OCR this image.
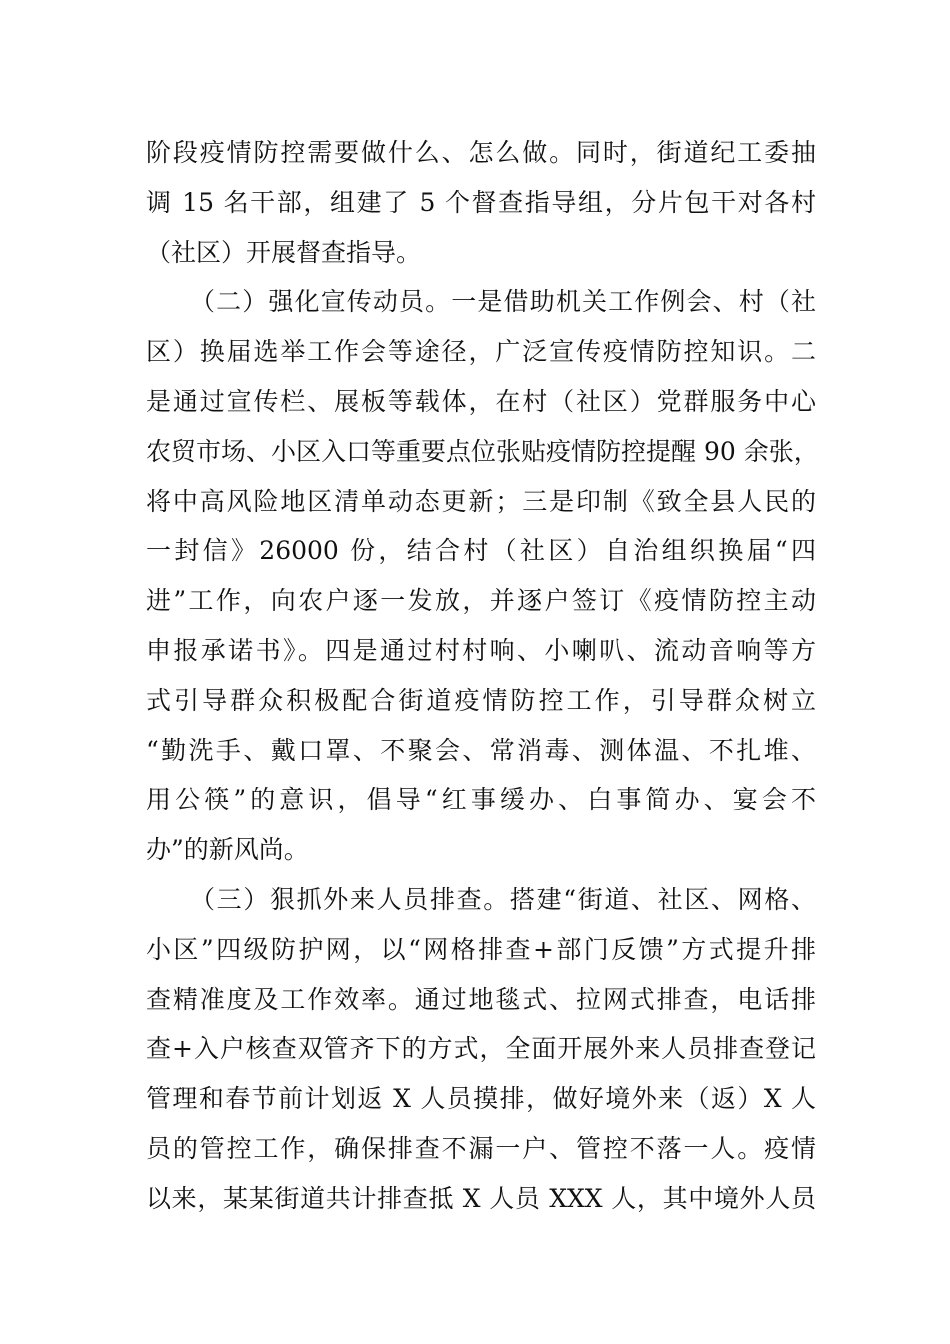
阶段疫情防控需要做什么、怎么做。同时，街道纪工委抽
调 15 名干部，组建了 5 个督查指导组，分片包干对各村
（社区）开展督查指导。
（二）强化宣传动员。一是借助机关工作例会、村（社
区）换届选举工作会等途径，广泛宣传疫情防控知识。二
是通过宣传栏、展板等载体，在村（社区）党群服务中心
农贸市场、小区入口等重要点位张贴疫情防控提醒 90 余张，
将中高风险地区清单动态更新；三是印制《致全县人民的
一封信》26000 份，结合村（社区）自治组织换届“四
进”工作，向农户逐一发放，并逐户签订《疫情防控主动
申报承诺书》。四是通过村村响、小喇叭、流动音响等方
式引导群众积极配合街道疫情防控工作，引导群众树立
“勤洗手、戴口罩、不聚会、常消毒、测体温、不扎堆、
用公筷”的意识，倡导“红事缓办、白事简办、宴会不
办”的新风尚。
（三）狠抓外来人员排查。搭建“街道、社区、网格、
小区”四级防护网，以“网格排查+部门反馈”方式提升排
查精准度及工作效率。通过地毯式、拉网式排查，电话排
查+入户核查双管齐下的方式，全面开展外来人员排查登记
管理和春节前计划返 X 人员摸排，做好境外来（返）X 人
员的管控工作，确保排查不漏一户、管控不落一人。疫情
以来，某某街道共计排查抵 X 人员 XXX 人，其中境外人员
